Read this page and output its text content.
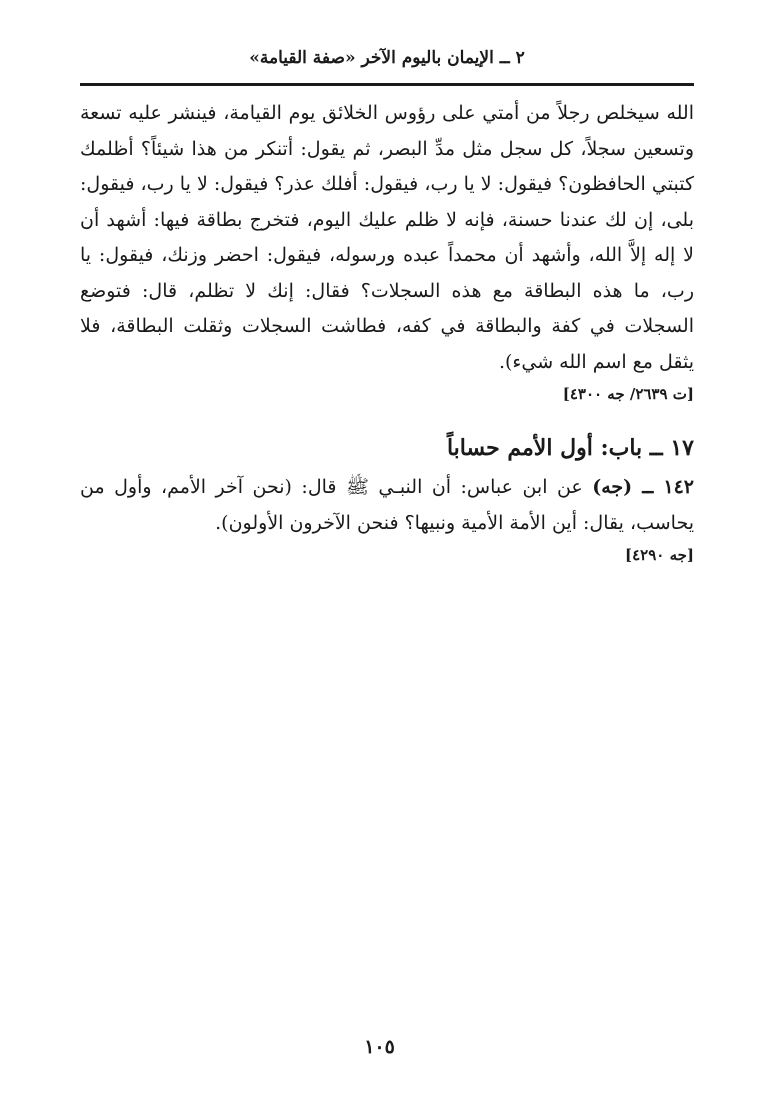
٢ ــ الإيمان باليوم الآخر «صفة القيامة»

الله سيخلص رجلاً من أمتي على رؤوس الخلائق يوم القيامة، فينشر عليه تسعة وتسعين سجلاً، كل سجل مثل مدِّ البصر، ثم يقول: أتنكر من هذا شيئاً؟ أظلمك كتبتي الحافظون؟ فيقول: لا يا رب، فيقول: أفلك عذر؟ فيقول: لا يا رب، فيقول: بلى، إن لك عندنا حسنة، فإنه لا ظلم عليك اليوم، فتخرج بطاقة فيها: أشهد أن لا إله إلاَّ الله، وأشهد أن محمداً عبده ورسوله، فيقول: احضر وزنك، فيقول: يا رب، ما هذه البطاقة مع هذه السجلات؟ فقال: إنك لا تظلم، قال: فتوضع السجلات في كفة والبطاقة في كفه، فطاشت السجلات وثقلت البطاقة، فلا يثقل مع اسم الله شيء).

[ت ٢٦٣٩/ جه ٤٣٠٠]

١٧ ــ باب: أول الأمم حساباً

١٤٢ ــ (جه) عن ابن عباس: أن النبـي ﷺ قال: (نحن آخر الأمم، وأول من يحاسب، يقال: أين الأمة الأمية ونبيها؟ فنحن الآخرون الأولون).

[جه ٤٢٩٠]

١٠٥
